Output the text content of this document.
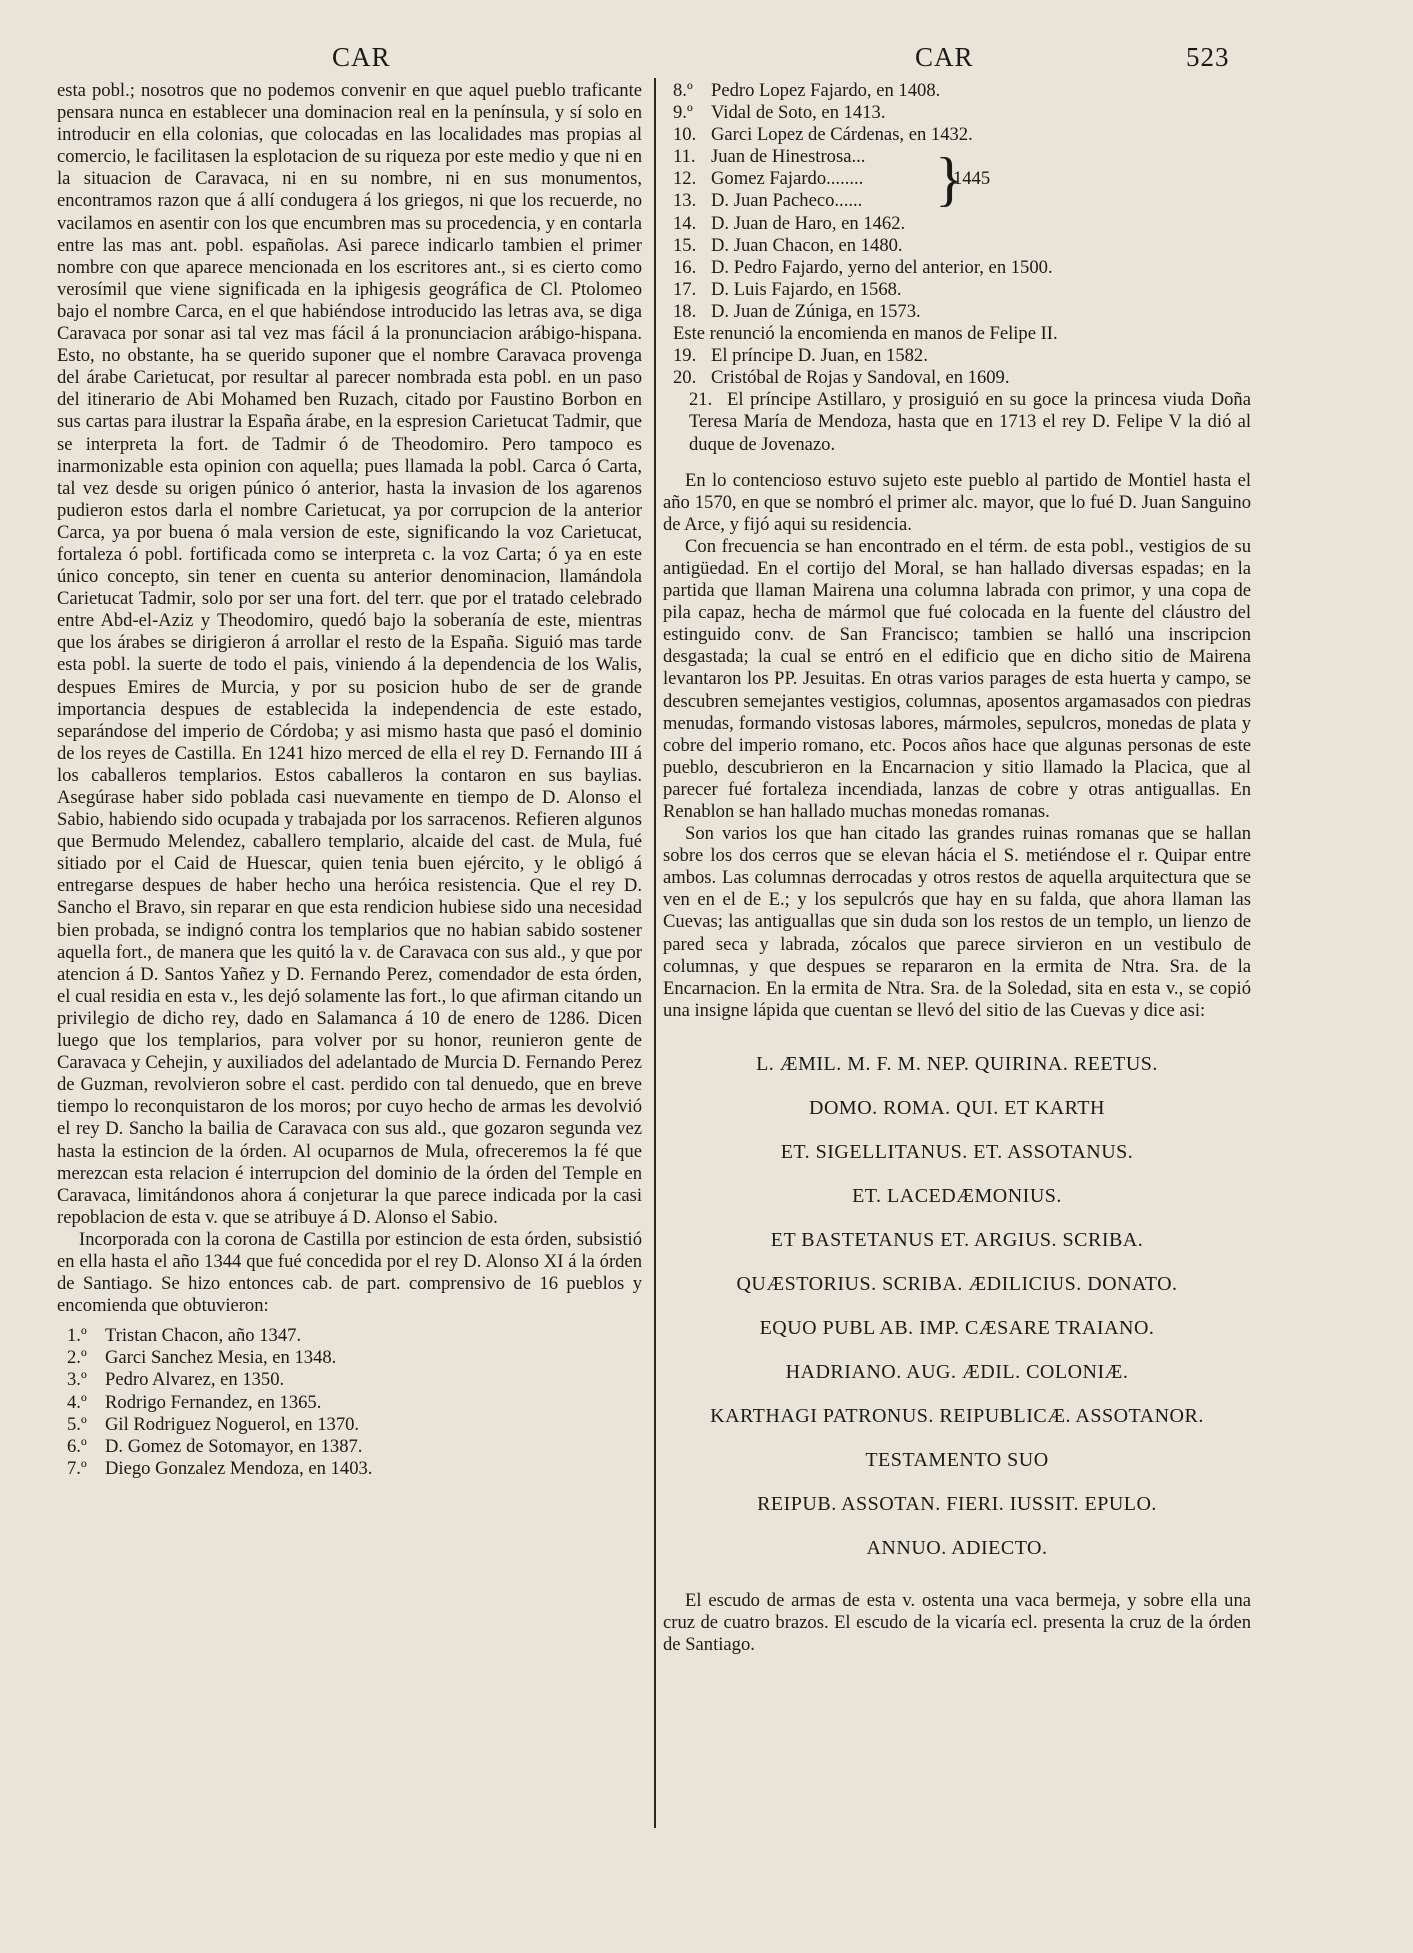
CAR	CAR	523

esta pobl.; nosotros que no podemos convenir en que aquel pueblo traficante pensara nunca en establecer una dominacion real en la península, y sí solo en introducir en ella colonias, que colocadas en las localidades mas propias al comercio, le facilitasen la esplotacion de su riqueza por este medio y que ni en la situacion de Caravaca, ni en su nombre, ni en sus monumentos, encontramos razon que á allí condugera á los griegos, ni que los recuerde, no vacilamos en asentir con los que encumbren mas su procedencia, y en contarla entre las mas ant. pobl. españolas. Asi parece indicarlo tambien el primer nombre con que aparece mencionada en los escritores ant., si es cierto como verosímil que viene significada en la iphigesis geográfica de Cl. Ptolomeo bajo el nombre Carca, en el que habiéndose introducido las letras ava, se diga Caravaca por sonar asi tal vez mas fácil á la pronunciacion arábigo-hispana. Esto, no obstante, ha se querido suponer que el nombre Caravaca provenga del árabe Carietucat, por resultar al parecer nombrada esta pobl. en un paso del itinerario de Abi Mohamed ben Ruzach, citado por Faustino Borbon en sus cartas para ilustrar la España árabe, en la espresion Carietucat Tadmir, que se interpreta la fort. de Tadmir ó de Theodomiro. Pero tampoco es inarmonizable esta opinion con aquella; pues llamada la pobl. Carca ó Carta, tal vez desde su origen púnico ó anterior, hasta la invasion de los agarenos pudieron estos darla el nombre Carietucat, ya por corrupcion de la anterior Carca, ya por buena ó mala version de este, significando la voz Carietucat, fortaleza ó pobl. fortificada como se interpreta c. la voz Carta; ó ya en este único concepto, sin tener en cuenta su anterior denominacion, llamándola Carietucat Tadmir, solo por ser una fort. del terr. que por el tratado celebrado entre Abd-el-Aziz y Theodomiro, quedó bajo la soberanía de este, mientras que los árabes se dirigieron á arrollar el resto de la España. Siguió mas tarde esta pobl. la suerte de todo el pais, viniendo á la dependencia de los Walis, despues Emires de Murcia, y por su posicion hubo de ser de grande importancia despues de establecida la independencia de este estado, separándose del imperio de Córdoba; y asi mismo hasta que pasó el dominio de los reyes de Castilla. En 1241 hizo merced de ella el rey D. Fernando III á los caballeros templarios. Estos caballeros la contaron en sus baylias. Asegúrase haber sido poblada casi nuevamente en tiempo de D. Alonso el Sabio, habiendo sido ocupada y trabajada por los sarracenos. Refieren algunos que Bermudo Melendez, caballero templario, alcaide del cast. de Mula, fué sitiado por el Caid de Huescar, quien tenia buen ejército, y le obligó á entregarse despues de haber hecho una heróica resistencia. Que el rey D. Sancho el Bravo, sin reparar en que esta rendicion hubiese sido una necesidad bien probada, se indignó contra los templarios que no habian sabido sostener aquella fort., de manera que les quitó la v. de Caravaca con sus ald., y que por atencion á D. Santos Yañez y D. Fernando Perez, comendador de esta órden, el cual residia en esta v., les dejó solamente las fort., lo que afirman citando un privilegio de dicho rey, dado en Salamanca á 10 de enero de 1286. Dicen luego que los templarios, para volver por su honor, reunieron gente de Caravaca y Cehejin, y auxiliados del adelantado de Murcia D. Fernando Perez de Guzman, revolvieron sobre el cast. perdido con tal denuedo, que en breve tiempo lo reconquistaron de los moros; por cuyo hecho de armas les devolvió el rey D. Sancho la bailia de Caravaca con sus ald., que gozaron segunda vez hasta la estincion de la órden. Al ocuparnos de Mula, ofreceremos la fé que merezcan esta relacion é interrupcion del dominio de la órden del Temple en Caravaca, limitándonos ahora á conjeturar la que parece indicada por la casi repoblacion de esta v. que se atribuye á D. Alonso el Sabio.

Incorporada con la corona de Castilla por estincion de esta órden, subsistió en ella hasta el año 1344 que fué concedida por el rey D. Alonso XI á la órden de Santiago. Se hizo entonces cab. de part. comprensivo de 16 pueblos y encomienda que obtuvieron:

1.º Tristan Chacon, año 1347.
2.º Garci Sanchez Mesia, en 1348.
3.º Pedro Alvarez, en 1350.
4.º Rodrigo Fernandez, en 1365.
5.º Gil Rodriguez Noguerol, en 1370.
6.º D. Gomez de Sotomayor, en 1387.
7.º Diego Gonzalez Mendoza, en 1403.
8.º Pedro Lopez Fajardo, en 1408.
9.º Vidal de Soto, en 1413.
10. Garci Lopez de Cárdenas, en 1432.
11. Juan de Hinestrosa...
12. Gomez Fajardo........
13. D. Juan Pacheco......	}
1445
14. D. Juan de Haro, en 1462.
15. D. Juan Chacon, en 1480.
16. D. Pedro Fajardo, yerno del anterior, en 1500.
17. D. Luis Fajardo, en 1568.
18. D. Juan de Zúniga, en 1573.
Este renunció la encomienda en manos de Felipe II.
19. El príncipe D. Juan, en 1582.
20. Cristóbal de Rojas y Sandoval, en 1609.
21. El príncipe Astillaro, y prosiguió en su goce la princesa viuda Doña Teresa María de Mendoza, hasta que en 1713 el rey D. Felipe V la dió al duque de Jovenazo.

En lo contencioso estuvo sujeto este pueblo al partido de Montiel hasta el año 1570, en que se nombró el primer alc. mayor, que lo fué D. Juan Sanguino de Arce, y fijó aqui su residencia.

Con frecuencia se han encontrado en el térm. de esta pobl., vestigios de su antigüedad. En el cortijo del Moral, se han hallado diversas espadas; en la partida que llaman Mairena una columna labrada con primor, y una copa de pila capaz, hecha de mármol que fué colocada en la fuente del cláustro del estinguido conv. de San Francisco; tambien se halló una inscripcion desgastada; la cual se entró en el edificio que en dicho sitio de Mairena levantaron los PP. Jesuitas. En otras varios parages de esta huerta y campo, se descubren semejantes vestigios, columnas, aposentos argamasados con piedras menudas, formando vistosas labores, mármoles, sepulcros, monedas de plata y cobre del imperio romano, etc. Pocos años hace que algunas personas de este pueblo, descubrieron en la Encarnacion y sitio llamado la Placica, que al parecer fué fortaleza incendiada, lanzas de cobre y otras antiguallas. En Renablon se han hallado muchas monedas romanas.

Son varios los que han citado las grandes ruinas romanas que se hallan sobre los dos cerros que se elevan hácia el S. metiéndose el r. Quipar entre ambos. Las columnas derrocadas y otros restos de aquella arquitectura que se ven en el de E.; y los sepulcrós que hay en su falda, que ahora llaman las Cuevas; las antiguallas que sin duda son los restos de un templo, un lienzo de pared seca y labrada, zócalos que parece sirvieron en un vestibulo de columnas, y que despues se repararon en la ermita de Ntra. Sra. de la Encarnacion. En la ermita de Ntra. Sra. de la Soledad, sita en esta v., se copió una insigne lápida que cuentan se llevó del sitio de las Cuevas y dice asi:

L. ÆMIL. M. F. M. NEP. QUIRINA. REETUS.
DOMO. ROMA. QUI. ET KARTH
ET. SIGELLITANUS. ET. ASSOTANUS.
ET. LACEDÆMONIUS.
ET BASTETANUS ET. ARGIUS. SCRIBA.
QUÆSTORIUS. SCRIBA. ÆDILICIUS. DONATO.
EQUO PUBL AB. IMP. CÆSARE TRAIANO.
HADRIANO. AUG. ÆDIL. COLONIÆ.
KARTHAGI PATRONUS. REIPUBLICÆ. ASSOTANOR.
TESTAMENTO SUO
REIPUB. ASSOTAN. FIERI. IUSSIT. EPULO.
ANNUO. ADIECTO.

El escudo de armas de esta v. ostenta una vaca bermeja, y sobre ella una cruz de cuatro brazos. El escudo de la vicaría ecl. presenta la cruz de la órden de Santiago.
